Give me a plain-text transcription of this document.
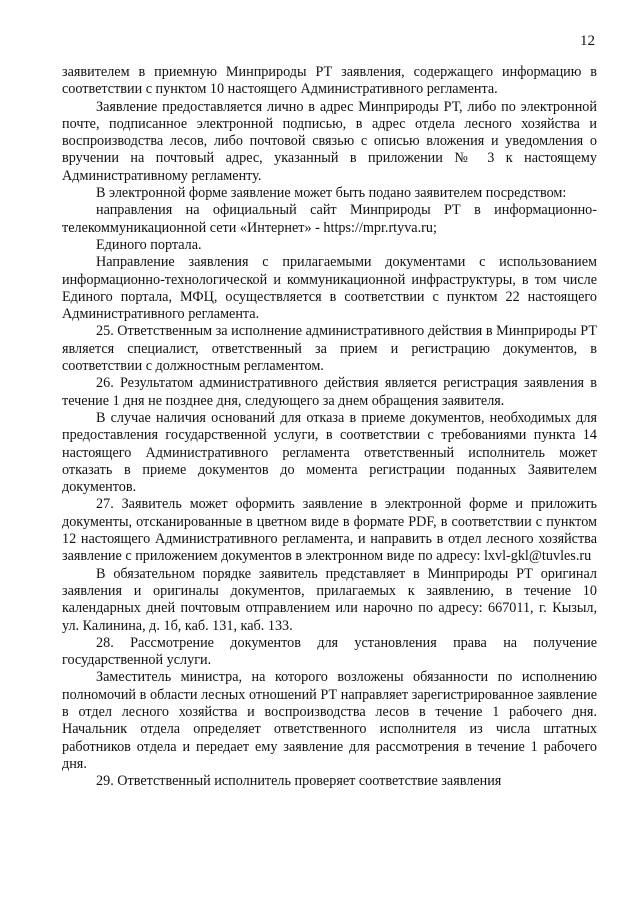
12

заявителем в приемную Минприроды РТ заявления, содержащего информацию в соответствии с пунктом 10 настоящего Административного регламента.

Заявление предоставляется лично в адрес Минприроды РТ, либо по электронной почте, подписанное электронной подписью, в адрес отдела лесного хозяйства и воспроизводства лесов, либо почтовой связью с описью вложения и уведомления о вручении на почтовый адрес, указанный в приложении № 3 к настоящему Административному регламенту.

В электронной форме заявление может быть подано заявителем посредством:

направления на официальный сайт Минприроды РТ в информационно-телекоммуникационной сети «Интернет» - https://mpr.rtyva.ru;

Единого портала.

Направление заявления с прилагаемыми документами с использованием информационно-технологической и коммуникационной инфраструктуры, в том числе Единого портала, МФЦ, осуществляется в соответствии с пунктом 22 настоящего Административного регламента.

25. Ответственным за исполнение административного действия в Минприроды РТ является специалист, ответственный за прием и регистрацию документов, в соответствии с должностным регламентом.

26. Результатом административного действия является регистрация заявления в течение 1 дня не позднее дня, следующего за днем обращения заявителя.

В случае наличия оснований для отказа в приеме документов, необходимых для предоставления государственной услуги, в соответствии с требованиями пункта 14 настоящего Административного регламента ответственный исполнитель может отказать в приеме документов до момента регистрации поданных Заявителем документов.

27. Заявитель может оформить заявление в электронной форме и приложить документы, отсканированные в цветном виде в формате PDF, в соответствии с пунктом 12 настоящего Административного регламента, и направить в отдел лесного хозяйства заявление с приложением документов в электронном виде по адресу: lxvl-gkl@tuvles.ru

В обязательном порядке заявитель представляет в Минприроды РТ оригинал заявления и оригиналы документов, прилагаемых к заявлению, в течение 10 календарных дней почтовым отправлением или нарочно по адресу: 667011, г. Кызыл, ул. Калинина, д. 1б, каб. 131, каб. 133.

28. Рассмотрение документов для установления права на получение государственной услуги.

Заместитель министра, на которого возложены обязанности по исполнению полномочий в области лесных отношений РТ направляет зарегистрированное заявление в отдел лесного хозяйства и воспроизводства лесов в течение 1 рабочего дня. Начальник отдела определяет ответственного исполнителя из числа штатных работников отдела и передает ему заявление для рассмотрения в течение 1 рабочего дня.

29. Ответственный исполнитель проверяет соответствие заявления
